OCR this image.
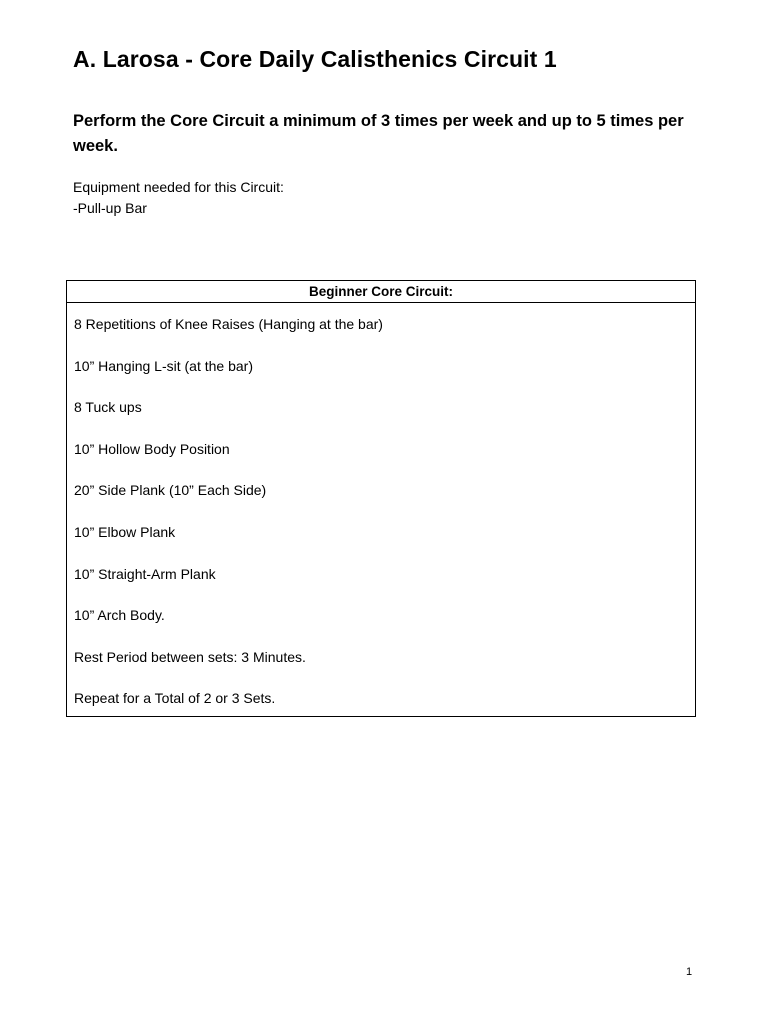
A. Larosa - Core Daily Calisthenics Circuit 1

Perform the Core Circuit a minimum of 3 times per week and up to 5 times per week.

Equipment needed for this Circuit:
-Pull-up Bar
Beginner Core Circuit:
8 Repetitions of Knee Raises (Hanging at the bar)
10” Hanging L-sit (at the bar)
8 Tuck ups
10” Hollow Body Position
20” Side Plank (10” Each Side)
10” Elbow Plank
10” Straight-Arm Plank
10” Arch Body.
Rest Period between sets: 3 Minutes.
Repeat for a Total of 2 or 3 Sets.
1
